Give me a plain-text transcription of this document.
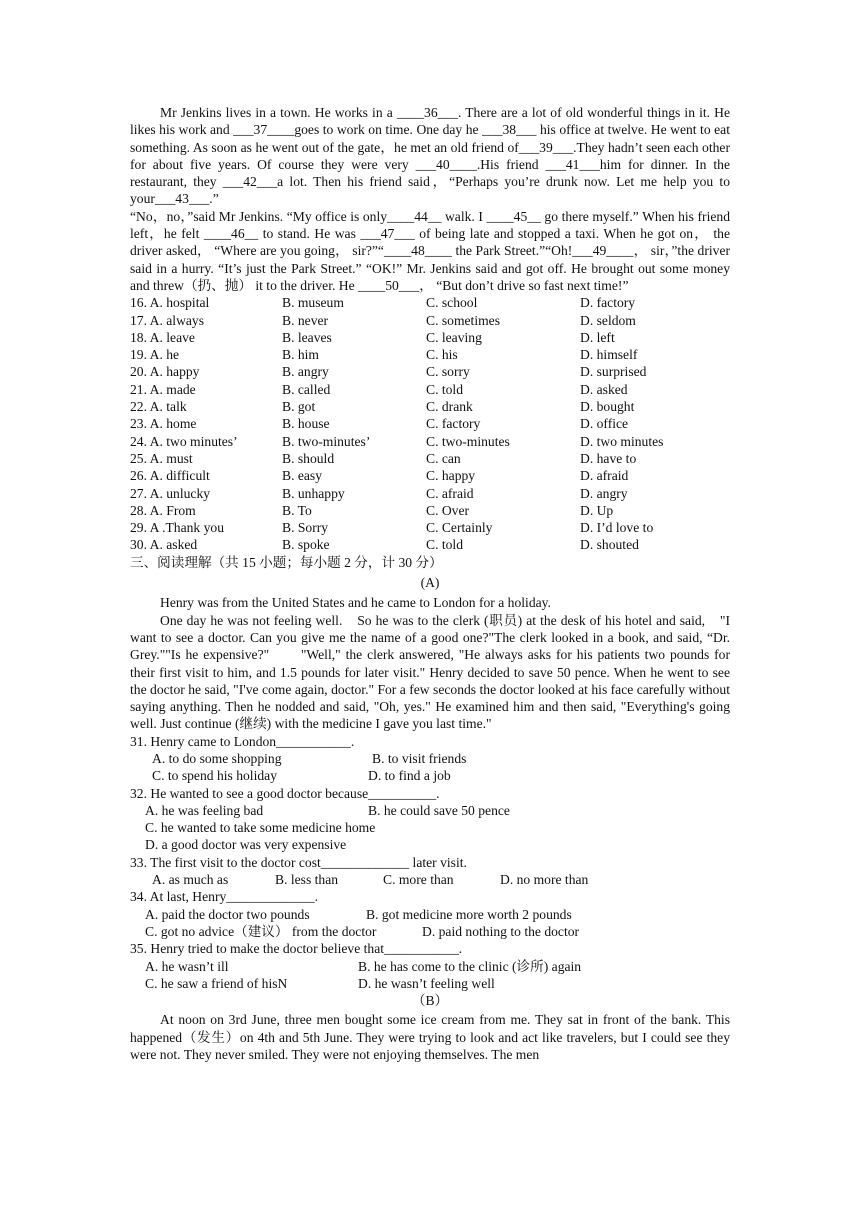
Mr Jenkins lives in a town. He works in a ____36___. There are a lot of old wonderful things in it. He likes his work and ___37____goes to work on time. One day he ___38___ his office at twelve. He went to eat something. As soon as he went out of the gate，he met an old friend of___39___.They hadn’t seen each other for about five years. Of course they were very ___40____.His friend ___41___him for dinner. In the restaurant, they ___42___a lot. Then his friend said，“Perhaps you’re drunk now. Let me help you to your___43___.”

“No，no，”said Mr Jenkins. “My office is only____44__ walk. I ____45__ go there myself.” When his friend left，he felt ____46__ to stand. He was ___47___ of being late and stopped a taxi. When he got on， the driver asked， “Where are you going， sir?”“____48____ the Park Street.”“Oh!___49____， sir，”the driver said in a hurry. “It’s just the Park Street.” “OK!” Mr. Jenkins said and got off. He brought out some money and threw（扔、抛） it to the driver. He ____50___， “But don’t drive so fast next time!”

16. A. hospital	B. museum	C. school	D. factory
17. A. always	B. never	C. sometimes	D. seldom
18. A. leave	B. leaves	C. leaving	D. left
19. A. he	B. him	C. his	D. himself
20. A. happy	B. angry	C. sorry	D. surprised
21. A. made	B. called	C. told	D. asked
22. A. talk	B. got	C. drank	D. bought
23. A. home	B. house	C. factory	D. office
24. A. two minutes’	B. two-minutes’	C. two-minutes	D. two minutes
25. A. must	B. should	C. can	D. have to
26. A. difficult	B. easy	C. happy	D. afraid
27. A. unlucky	B. unhappy	C. afraid	D. angry
28. A. From	B. To	C. Over	D. Up
29. A .Thank you	B. Sorry	C. Certainly	D. I’d love to
30. A. asked	B. spoke	C. told	D. shouted

三、阅读理解（共 15 小题；每小题 2 分，计 30 分）

(A)

Henry was from the United States and he came to London for a holiday.

One day he was not feeling well.　So he was to the clerk (职员) at the desk of his hotel and said,　"I want to see a doctor. Can you give me the name of a good one?"The clerk looked in a book, and said, “Dr. Grey.""Is he expensive?"　　"Well," the clerk answered, "He always asks for his patients two pounds for their first visit to him, and 1.5 pounds for later visit." Henry decided to save 50 pence. When he went to see the doctor he said, "I've come again, doctor." For a few seconds the doctor looked at his face carefully without saying anything. Then he nodded and said, "Oh, yes." He examined him and then said, "Everything's going well. Just continue (继续) with the medicine I gave you last time."

31. Henry came to London___________.

A. to do some shopping	B. to visit friends
C. to spend his holiday	D. to find a job

32. He wanted to see a good doctor because__________.

A. he was feeling bad	B. he could save 50 pence
C. he wanted to take some medicine home
D. a good doctor was very expensive

33. The first visit to the doctor cost_____________ later visit.

A. as much as	B. less than	C. more than	D. no more than

34. At last, Henry_____________.

A. paid the doctor two pounds	B. got medicine more worth 2 pounds
C. got no advice（建议） from the doctor	D. paid nothing to the doctor

35. Henry tried to make the doctor believe that___________.

A. he wasn’t ill	B. he has come to the clinic (诊所) again
C. he saw a friend of hisN	D. he wasn’t feeling well

（B）

At noon on 3rd June, three men bought some ice cream from me. They sat in front of the bank. This happened（发生）on 4th and 5th June. They were trying to look and act like travelers, but I could see they were not. They never smiled. They were not enjoying themselves. The men
